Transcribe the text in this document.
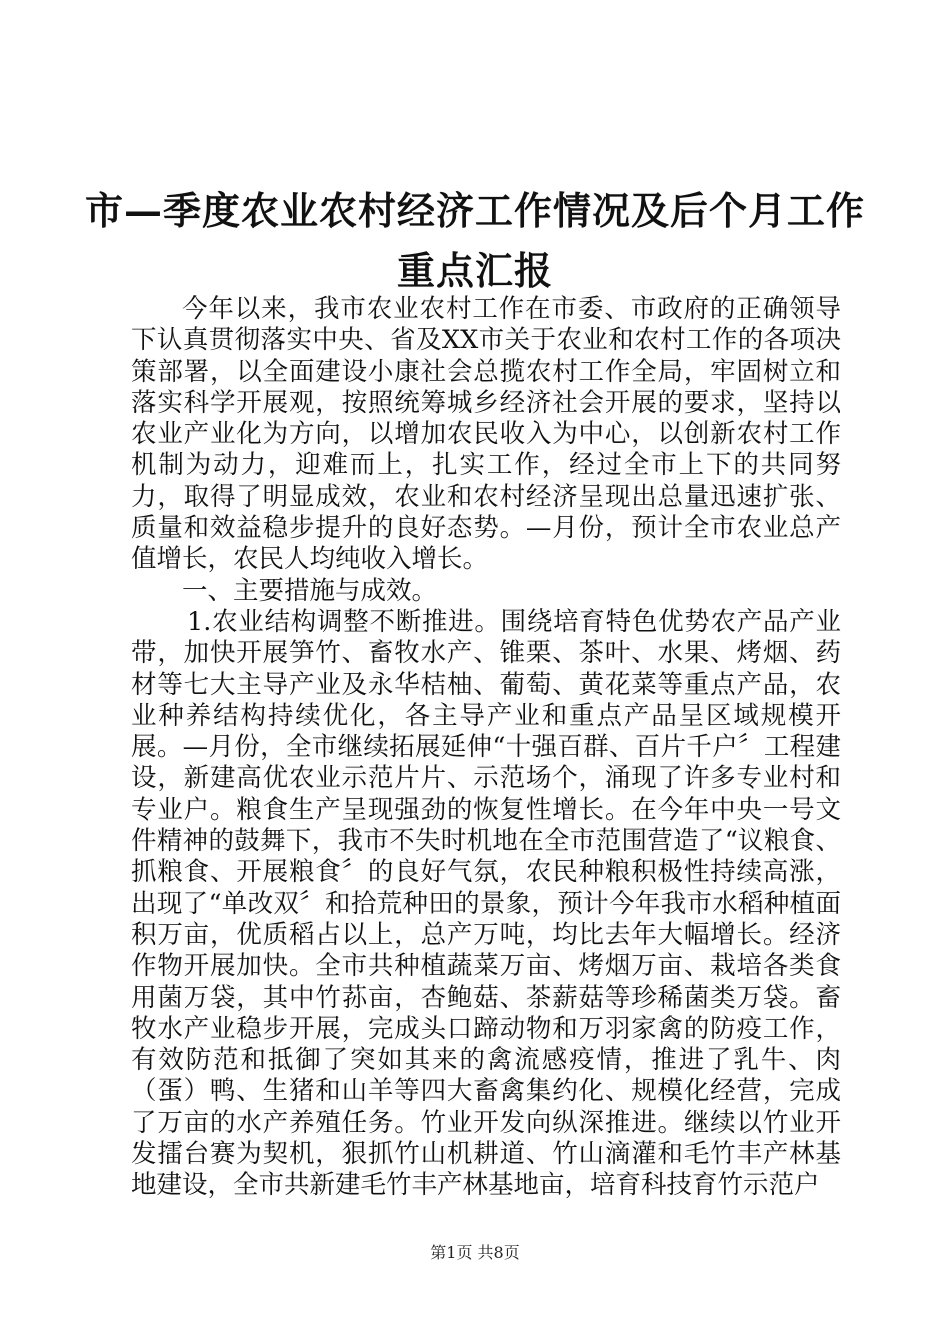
市—季度农业农村经济工作情况及后个月工作
重点汇报

今年以来，我市农业农村工作在市委、市政府的正确领导下认真贯彻落实中央、省及XX市关于农业和农村工作的各项决策部署，以全面建设小康社会总揽农村工作全局，牢固树立和落实科学开展观，按照统筹城乡经济社会开展的要求，坚持以农业产业化为方向，以增加农民收入为中心，以创新农村工作机制为动力，迎难而上，扎实工作，经过全市上下的共同努力，取得了明显成效，农业和农村经济呈现出总量迅速扩张、质量和效益稳步提升的良好态势。—月份，预计全市农业总产值增长，农民人均纯收入增长。

一、主要措施与成效。

1.农业结构调整不断推进。围绕培育特色优势农产品产业带，加快开展笋竹、畜牧水产、锥栗、茶叶、水果、烤烟、药材等七大主导产业及永华桔柚、葡萄、黄花菜等重点产品，农业种养结构持续优化，各主导产业和重点产品呈区域规模开展。—月份，全市继续拓展延伸“十强百群、百片千户〞工程建设，新建高优农业示范片片、示范场个，涌现了许多专业村和专业户。粮食生产呈现强劲的恢复性增长。在今年中央一号文件精神的鼓舞下，我市不失时机地在全市范围营造了“议粮食、抓粮食、开展粮食〞的良好气氛，农民种粮积极性持续高涨，出现了“单改双〞和拾荒种田的景象，预计今年我市水稻种植面积万亩，优质稻占以上，总产万吨，均比去年大幅增长。经济作物开展加快。全市共种植蔬菜万亩、烤烟万亩、栽培各类食用菌万袋，其中竹荪亩，杏鲍菇、茶薪菇等珍稀菌类万袋。畜牧水产业稳步开展，完成头口蹄动物和万羽家禽的防疫工作，有效防范和抵御了突如其来的禽流感疫情，推进了乳牛、肉（蛋）鸭、生猪和山羊等四大畜禽集约化、规模化经营，完成了万亩的水产养殖任务。竹业开发向纵深推进。继续以竹业开发擂台赛为契机，狠抓竹山机耕道、竹山滴灌和毛竹丰产林基地建设，全市共新建毛竹丰产林基地亩，培育科技育竹示范户

第1页 共8页
